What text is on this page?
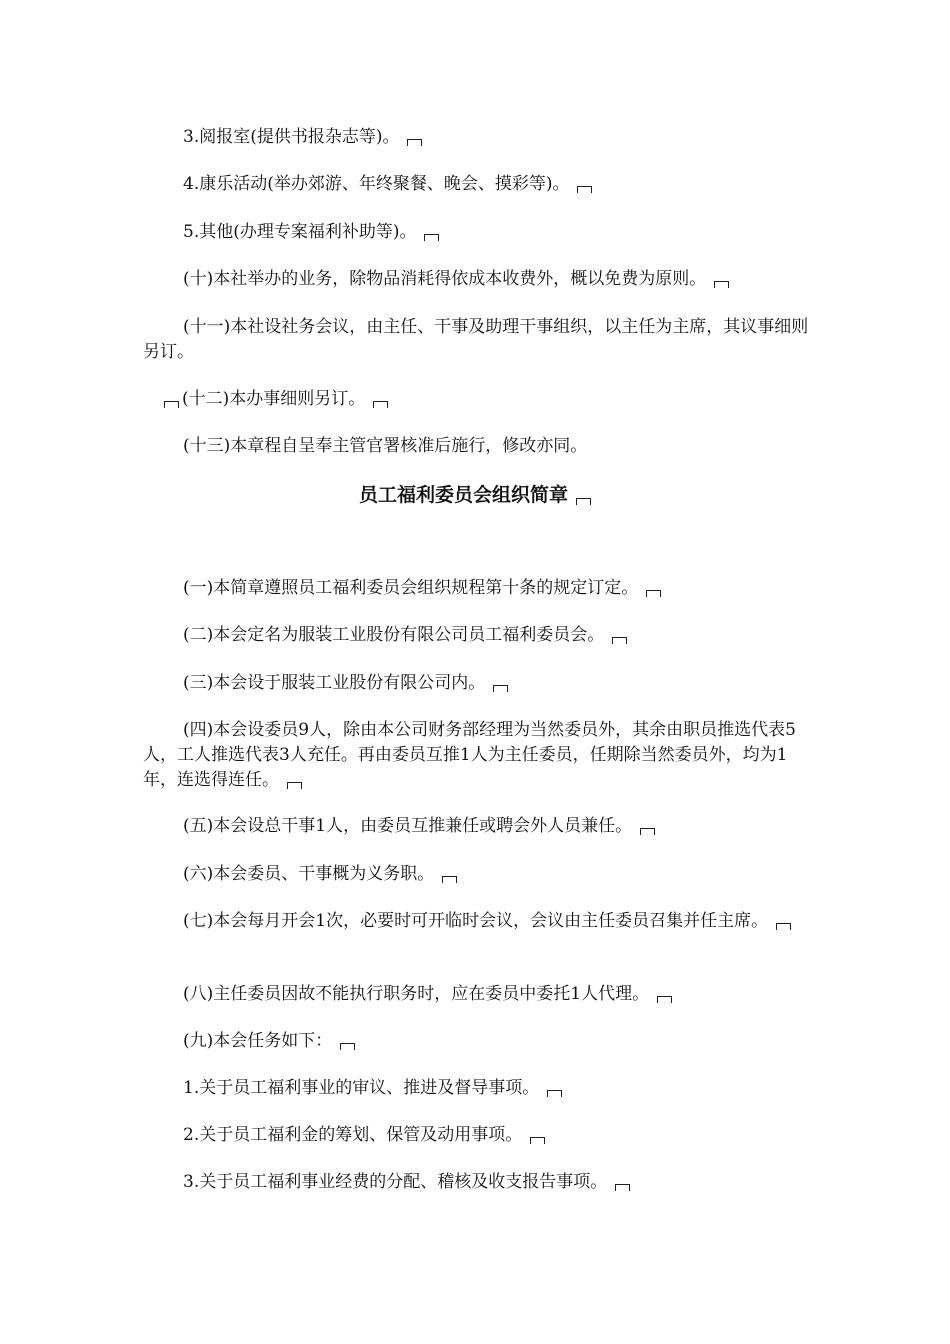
3.阅报室(提供书报杂志等)。

4.康乐活动(举办郊游、年终聚餐、晚会、摸彩等)。

5.其他(办理专案福利补助等)。

(十)本社举办的业务，除物品消耗得依成本收费外，概以免费为原则。

(十一)本社设社务会议，由主任、干事及助理干事组织，以主任为主席，其议事细则另订。

(十二)本办事细则另订。

(十三)本章程自呈奉主管官署核准后施行，修改亦同。

员工福利委员会组织简章

(一)本简章遵照员工福利委员会组织规程第十条的规定订定。

(二)本会定名为服装工业股份有限公司员工福利委员会。

(三)本会设于服装工业股份有限公司内。

(四)本会设委员9人，除由本公司财务部经理为当然委员外，其余由职员推选代表5人，工人推选代表3人充任。再由委员互推1人为主任委员，任期除当然委员外，均为1年，连选得连任。

(五)本会设总干事1人，由委员互推兼任或聘会外人员兼任。

(六)本会委员、干事概为义务职。

(七)本会每月开会1次，必要时可开临时会议，会议由主任委员召集并任主席。

(八)主任委员因故不能执行职务时，应在委员中委托1人代理。

(九)本会任务如下：

1.关于员工福利事业的审议、推进及督导事项。

2.关于员工福利金的筹划、保管及动用事项。

3.关于员工福利事业经费的分配、稽核及收支报告事项。
